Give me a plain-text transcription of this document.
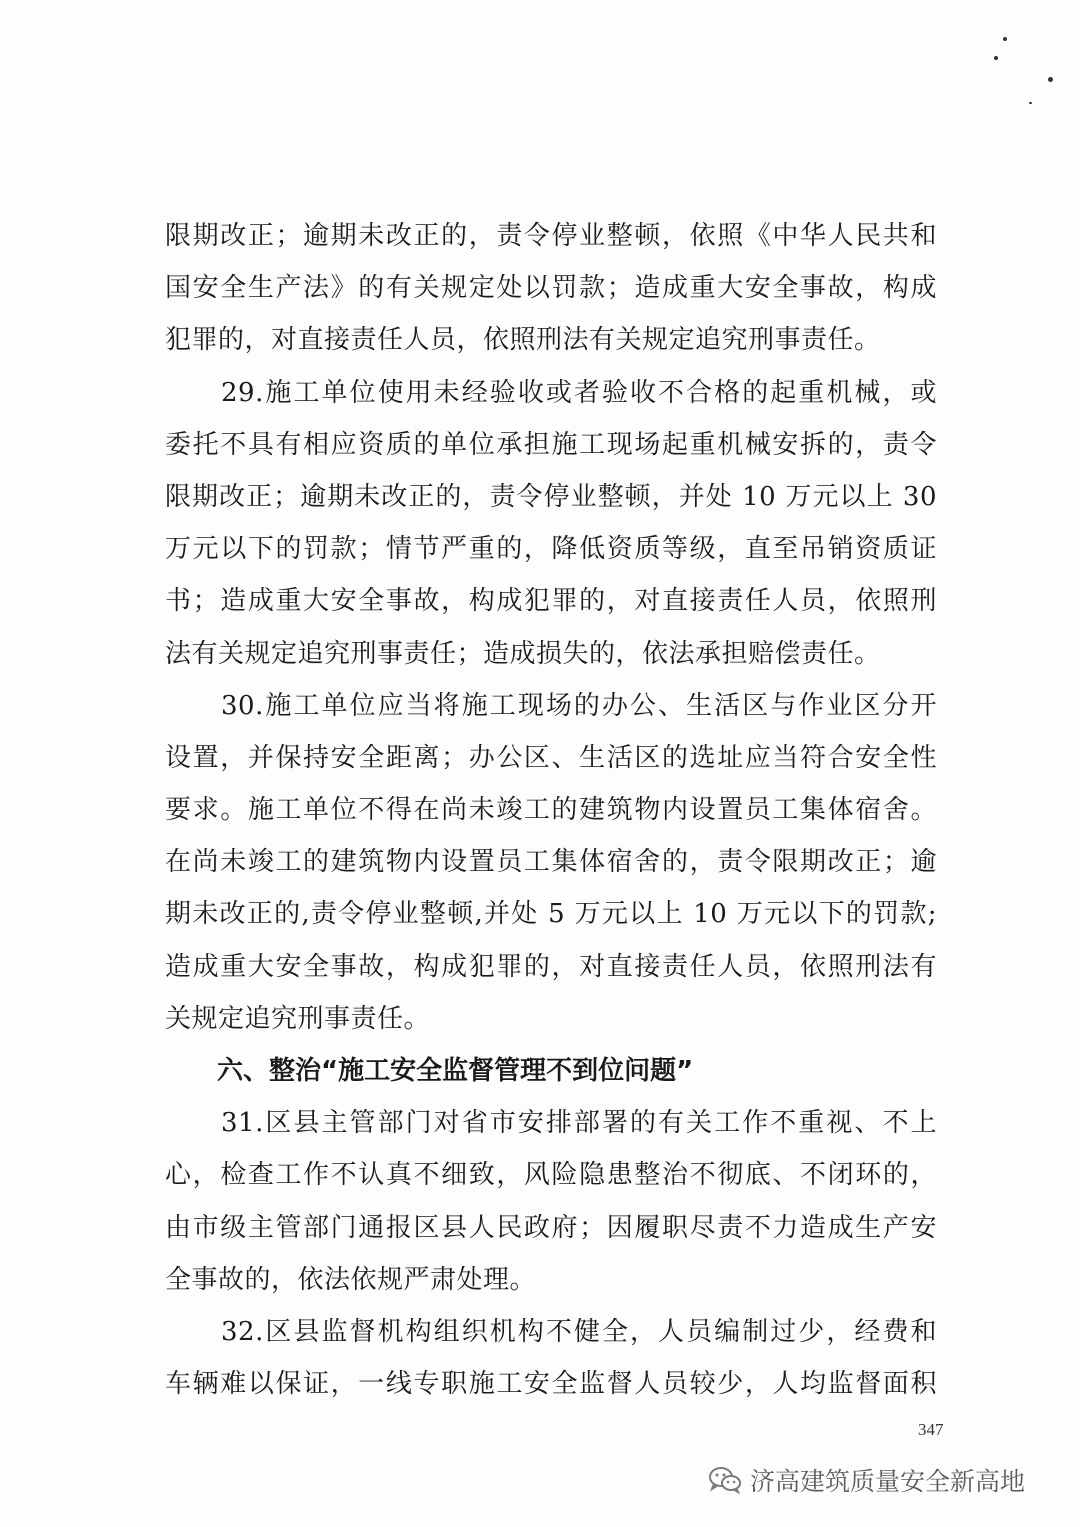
限期改正；逾期未改正的，责令停业整顿，依照《中华人民共和
国安全生产法》的有关规定处以罚款；造成重大安全事故，构成
犯罪的，对直接责任人员，依照刑法有关规定追究刑事责任。
29.施工单位使用未经验收或者验收不合格的起重机械，或
委托不具有相应资质的单位承担施工现场起重机械安拆的，责令
限期改正；逾期未改正的，责令停业整顿，并处 10 万元以上 30
万元以下的罚款；情节严重的，降低资质等级，直至吊销资质证
书；造成重大安全事故，构成犯罪的，对直接责任人员，依照刑
法有关规定追究刑事责任；造成损失的，依法承担赔偿责任。
30.施工单位应当将施工现场的办公、生活区与作业区分开
设置，并保持安全距离；办公区、生活区的选址应当符合安全性
要求。施工单位不得在尚未竣工的建筑物内设置员工集体宿舍。
在尚未竣工的建筑物内设置员工集体宿舍的，责令限期改正；逾
期未改正的,责令停业整顿,并处 5 万元以上 10 万元以下的罚款;
造成重大安全事故，构成犯罪的，对直接责任人员，依照刑法有
关规定追究刑事责任。
六、整治“施工安全监督管理不到位问题”
31.区县主管部门对省市安排部署的有关工作不重视、不上
心，检查工作不认真不细致，风险隐患整治不彻底、不闭环的，
由市级主管部门通报区县人民政府；因履职尽责不力造成生产安
全事故的，依法依规严肃处理。
32.区县监督机构组织机构不健全，人员编制过少，经费和
车辆难以保证，一线专职施工安全监督人员较少，人均监督面积
347
济高建筑质量安全新高地
